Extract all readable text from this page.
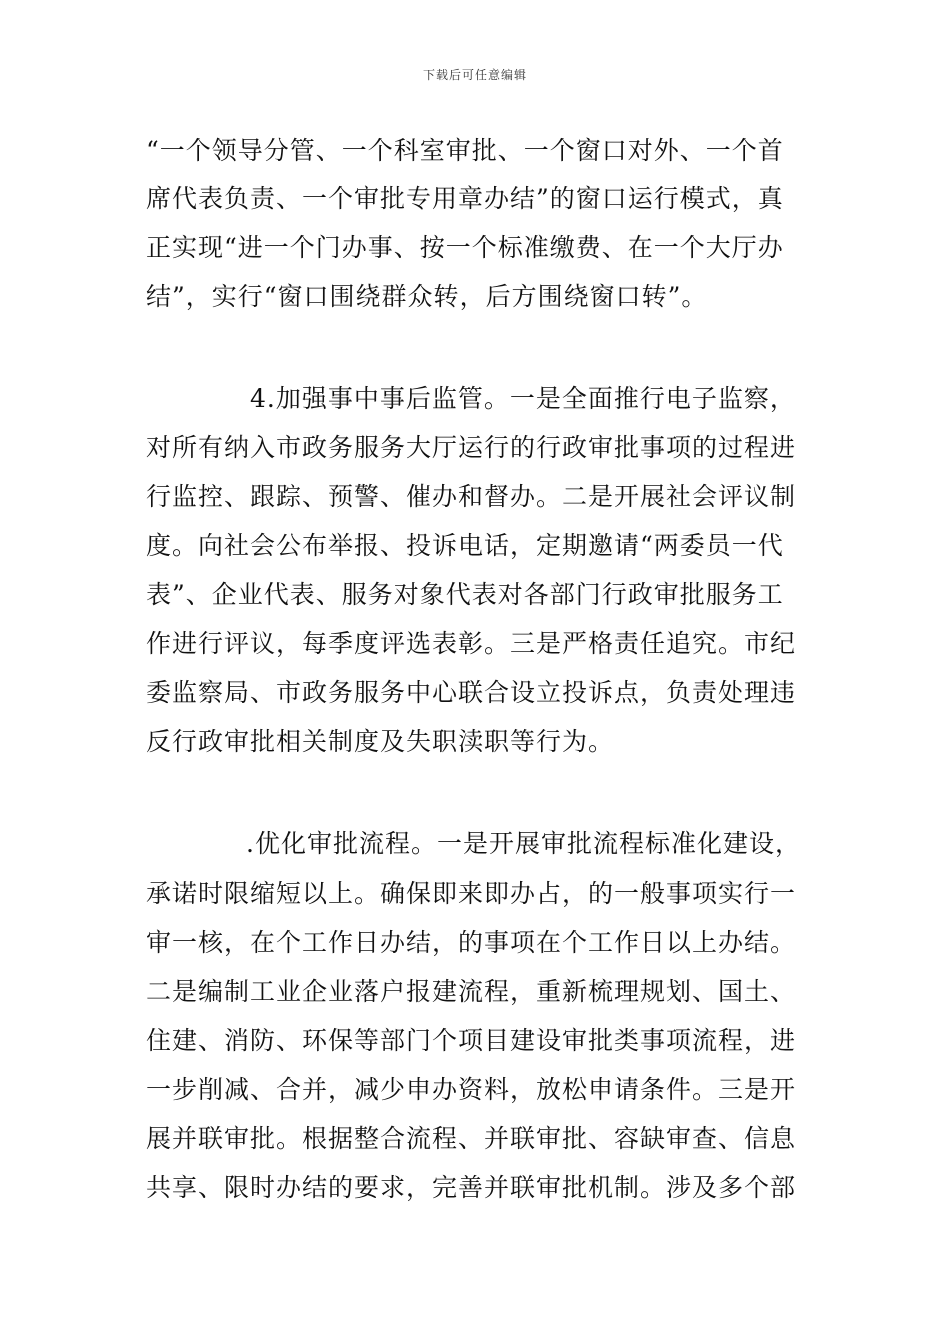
下载后可任意编辑
“一个领导分管、一个科室审批、一个窗口对外、一个首
席代表负责、一个审批专用章办结”的窗口运行模式，真
正实现“进一个门办事、按一个标准缴费、在一个大厅办
结”，实行“窗口围绕群众转，后方围绕窗口转”。
4.加强事中事后监管。一是全面推行电子监察，
对所有纳入市政务服务大厅运行的行政审批事项的过程进
行监控、跟踪、预警、催办和督办。二是开展社会评议制
度。向社会公布举报、投诉电话，定期邀请“两委员一代
表”、企业代表、服务对象代表对各部门行政审批服务工
作进行评议，每季度评选表彰。三是严格责任追究。市纪
委监察局、市政务服务中心联合设立投诉点，负责处理违
反行政审批相关制度及失职渎职等行为。
.优化审批流程。一是开展审批流程标准化建设，
承诺时限缩短以上。确保即来即办占，的一般事项实行一
审一核，在个工作日办结，的事项在个工作日以上办结。
二是编制工业企业落户报建流程，重新梳理规划、国土、
住建、消防、环保等部门个项目建设审批类事项流程，进
一步削减、合并，减少申办资料，放松申请条件。三是开
展并联审批。根据整合流程、并联审批、容缺审查、信息
共享、限时办结的要求，完善并联审批机制。涉及多个部
